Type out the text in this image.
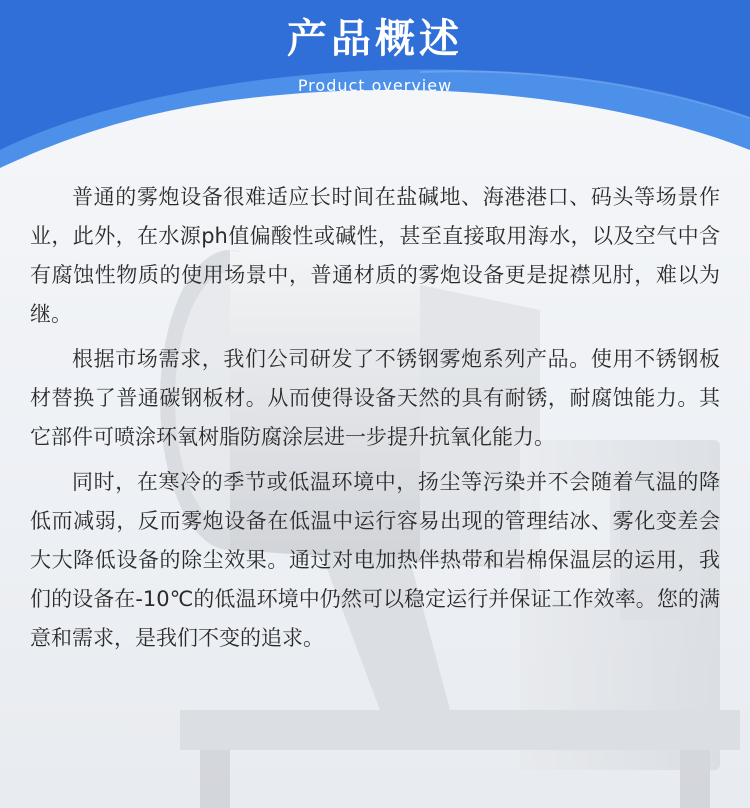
产品概述
Product overview

普通的雾炮设备很难适应长时间在盐碱地、海港港口、码头等场景作业，此外，在水源ph值偏酸性或碱性，甚至直接取用海水，以及空气中含有腐蚀性物质的使用场景中，普通材质的雾炮设备更是捉襟见肘，难以为继。

根据市场需求，我们公司研发了不锈钢雾炮系列产品。使用不锈钢板材替换了普通碳钢板材。从而使得设备天然的具有耐锈，耐腐蚀能力。其它部件可喷涂环氧树脂防腐涂层进一步提升抗氧化能力。

同时，在寒冷的季节或低温环境中，扬尘等污染并不会随着气温的降低而减弱，反而雾炮设备在低温中运行容易出现的管理结冰、雾化变差会大大降低设备的除尘效果。通过对电加热伴热带和岩棉保温层的运用，我们的设备在-10℃的低温环境中仍然可以稳定运行并保证工作效率。您的满意和需求，是我们不变的追求。
